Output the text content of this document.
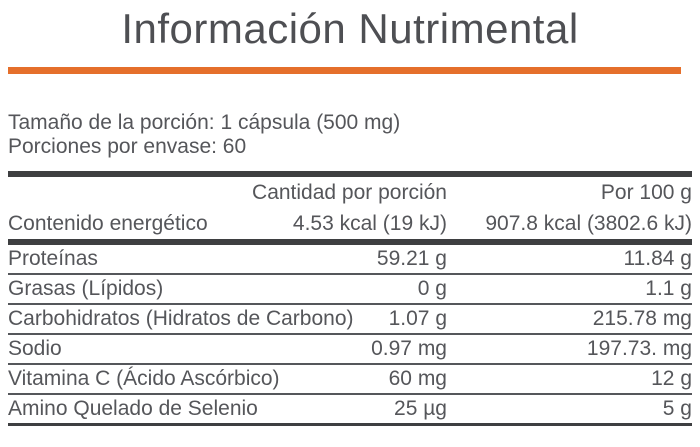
Información Nutrimental
Tamaño de la porción: 1 cápsula (500 mg)
Porciones por envase: 60
Cantidad por porción	Por 100 g
Contenido energético	4.53 kcal (19 kJ) 907.8 kcal (3802.6 kJ)
Proteínas	59.21 g	11.84 g
Grasas (Lípidos)	0 g	1.1 g
Carbohidratos (Hidratos de Carbono) 1.07 g	215.78 mg
Sodio	0.97 mg	197.73. mg
Vitamina C (Ácido Ascórbico)	60 mg	12 g
Amino Quelado de Selenio	25 µg	5 g
